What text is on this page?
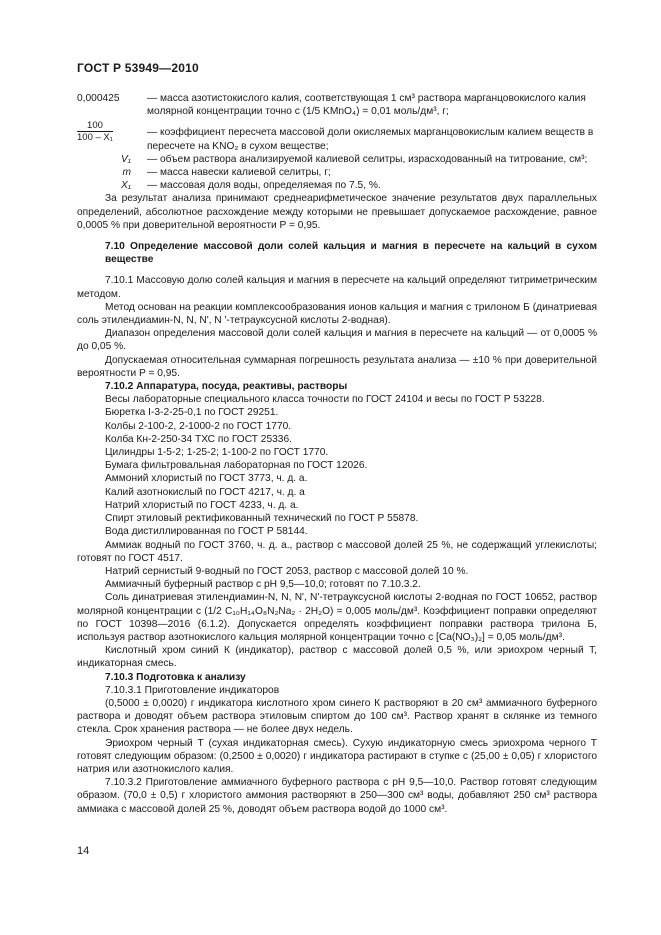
ГОСТ Р 53949—2010
0,000425	— масса азотистокислого калия, соответствующая 1 см³ раствора марганцовокислого калия молярной концентрации точно c (1/5 KMnO₄) = 0,01 моль/дм³, г;
$\frac{100}{\text{100 – X₁}}$	— коэффициент пересчета массовой доли окисляемых марганцовокислым калием веществ в пересчете на KNO₂ в сухом веществе;
V₁	— объем раствора анализируемой калиевой селитры, израсходованный на титрование, см³;
m	— масса навески калиевой селитры, г;
X₁	— массовая доля воды, определяемая по 7.5, %.

За результат анализа принимают среднеарифметическое значение результатов двух параллельных определений, абсолютное расхождение между которыми не превышает допускаемое расхождение, равное 0,0005 % при доверительной вероятности P = 0,95.

7.10 Определение массовой доли солей кальция и магния в пересчете на кальций в сухом веществе

7.10.1 Массовую долю солей кальция и магния в пересчете на кальций определяют титриметрическим методом.

Метод основан на реакции комплексообразования ионов кальция и магния с трилоном Б (динатриевая соль этилендиамин-N, N, N', N '-тетрауксусной кислоты 2-водная).

Диапазон определения массовой доли солей кальция и магния в пересчете на кальций — от 0,0005 % до 0,05 %.

Допускаемая относительная суммарная погрешность результата анализа — ±10 % при доверительной вероятности P = 0,95.

7.10.2 Аппаратура, посуда, реактивы, растворы

Весы лабораторные специального класса точности по ГОСТ 24104 и весы по ГОСТ Р 53228.

Бюретка I-3-2-25-0,1 по ГОСТ 29251.

Колбы 2-100-2, 2-1000-2 по ГОСТ 1770.

Колба Кн-2-250-34 ТХС по ГОСТ 25336.

Цилиндры 1-5-2; 1-25-2; 1-100-2 по ГОСТ 1770.

Бумага фильтровальная лабораторная по ГОСТ 12026.

Аммоний хлористый по ГОСТ 3773, ч. д. а.

Калий азотнокислый по ГОСТ 4217, ч. д. а

Натрий хлористый по ГОСТ 4233, ч. д. а.

Спирт этиловый ректификованный технический по ГОСТ Р 55878.

Вода дистиллированная по ГОСТ Р 58144.

Аммиак водный по ГОСТ 3760, ч. д. а., раствор с массовой долей 25 %, не содержащий углекислоты; готовят по ГОСТ 4517.

Натрий сернистый 9-водный по ГОСТ 2053, раствор с массовой долей 10 %.

Аммиачный буферный раствор с рН 9,5—10,0; готовят по 7.10.3.2.

Соль динатриевая этилендиамин-N, N, N', N'-тетрауксусной кислоты 2-водная по ГОСТ 10652, раствор молярной концентрации c (1/2 C₁₀H₁₄O₈N₂Na₂ · 2H₂O) = 0,005 моль/дм³. Коэффициент поправки определяют по ГОСТ 10398—2016 (6.1.2). Допускается определять коэффициент поправки раствора трилона Б, используя раствор азотнокислого кальция молярной концентрации точно c [Ca(NO₃)₂] = 0,05 моль/дм³.

Кислотный хром синий К (индикатор), раствор с массовой долей 0,5 %, или эриохром черный Т, индикаторная смесь.

7.10.3 Подготовка к анализу

7.10.3.1 Приготовление индикаторов

(0,5000 ± 0,0020) г индикатора кислотного хром синего К растворяют в 20 см³ аммиачного буферного раствора и доводят объем раствора этиловым спиртом до 100 см³. Раствор хранят в склянке из темного стекла. Срок хранения раствора — не более двух недель.

Эриохром черный Т (сухая индикаторная смесь). Сухую индикаторную смесь эриохрома черного Т готовят следующим образом: (0,2500 ± 0,0020) г индикатора растирают в ступке с (25,00 ± 0,05) г хлористого натрия или азотнокислого калия.

7.10.3.2 Приготовление аммиачного буферного раствора с рН 9,5—10,0. Раствор готовят следующим образом. (70,0 ± 0,5) г хлористого аммония растворяют в 250—300 см³ воды, добавляют 250 см³ раствора аммиака с массовой долей 25 %, доводят объем раствора водой до 1000 см³.

14
